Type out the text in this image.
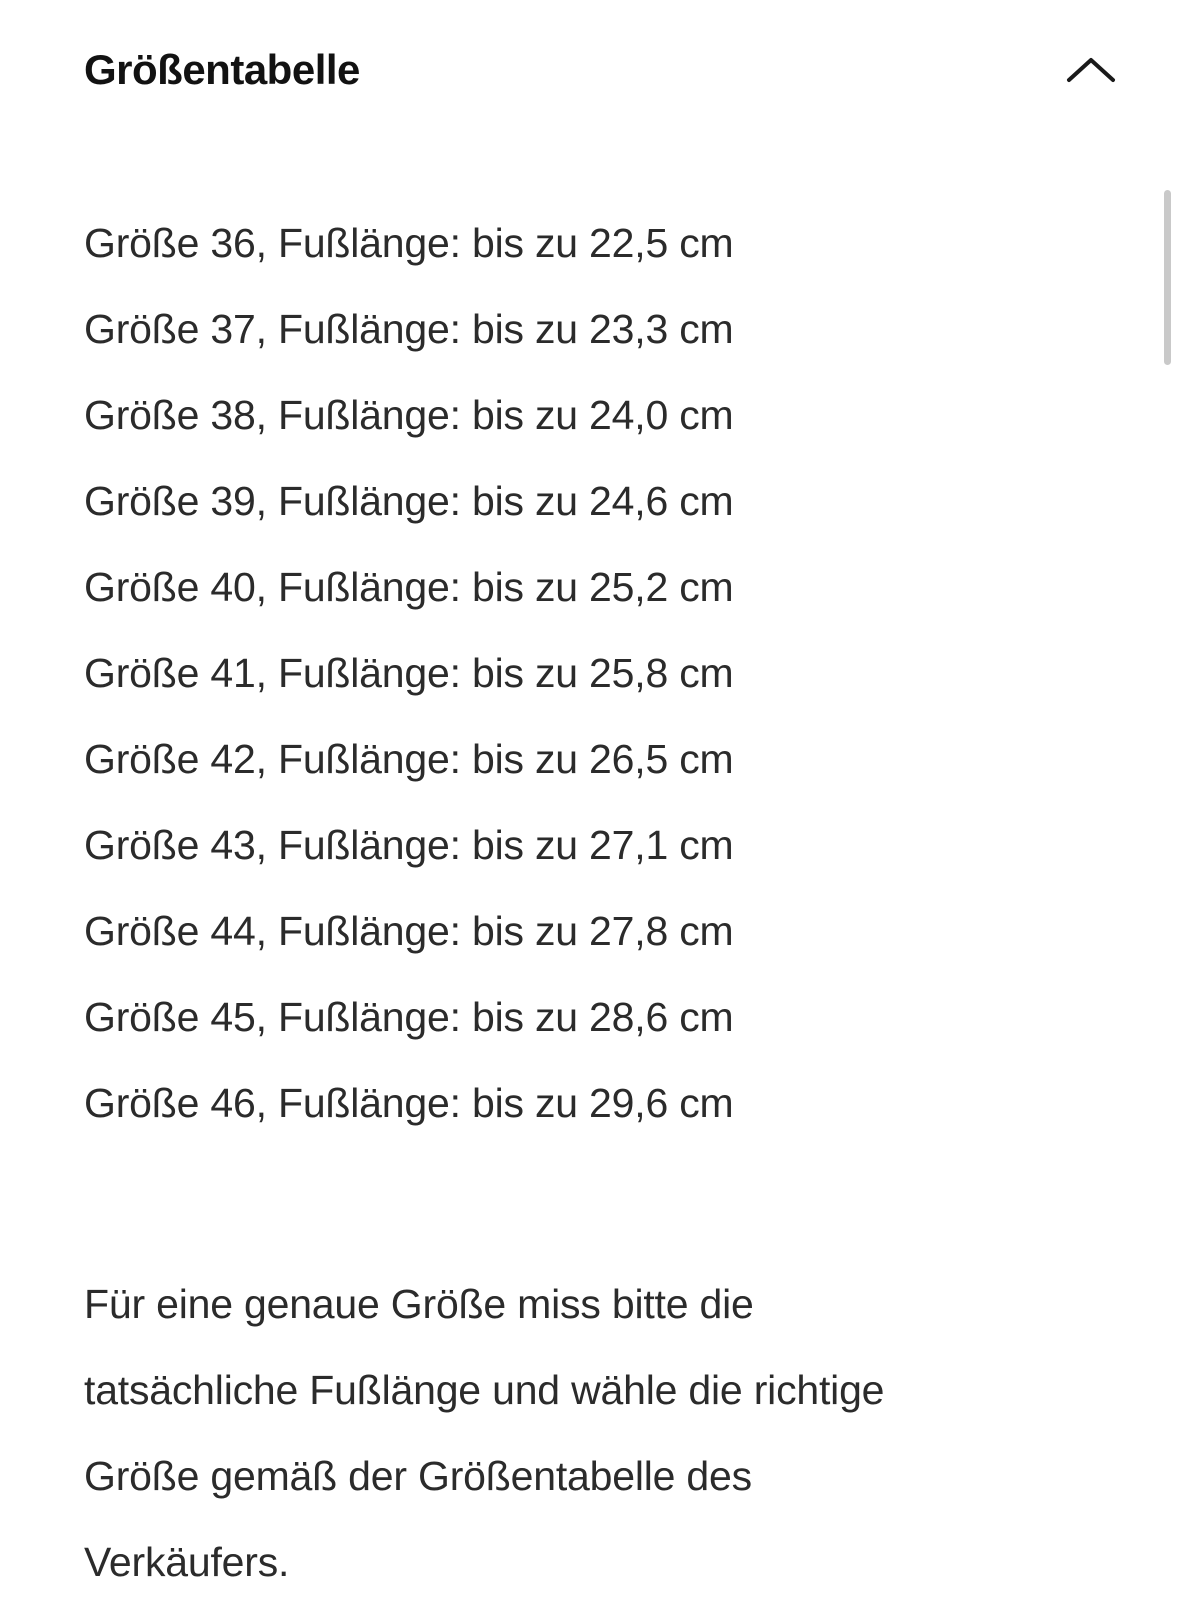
Größentabelle
Größe 36, Fußlänge: bis zu 22,5 cm
Größe 37, Fußlänge: bis zu 23,3 cm
Größe 38, Fußlänge: bis zu 24,0 cm
Größe 39, Fußlänge: bis zu 24,6 cm
Größe 40, Fußlänge: bis zu 25,2 cm
Größe 41, Fußlänge: bis zu 25,8 cm
Größe 42, Fußlänge: bis zu 26,5 cm
Größe 43, Fußlänge: bis zu 27,1 cm
Größe 44, Fußlänge: bis zu 27,8 cm
Größe 45, Fußlänge: bis zu 28,6 cm
Größe 46, Fußlänge: bis zu 29,6 cm

Für eine genaue Größe miss bitte die tatsächliche Fußlänge und wähle die richtige Größe gemäß der Größentabelle des Verkäufers.
